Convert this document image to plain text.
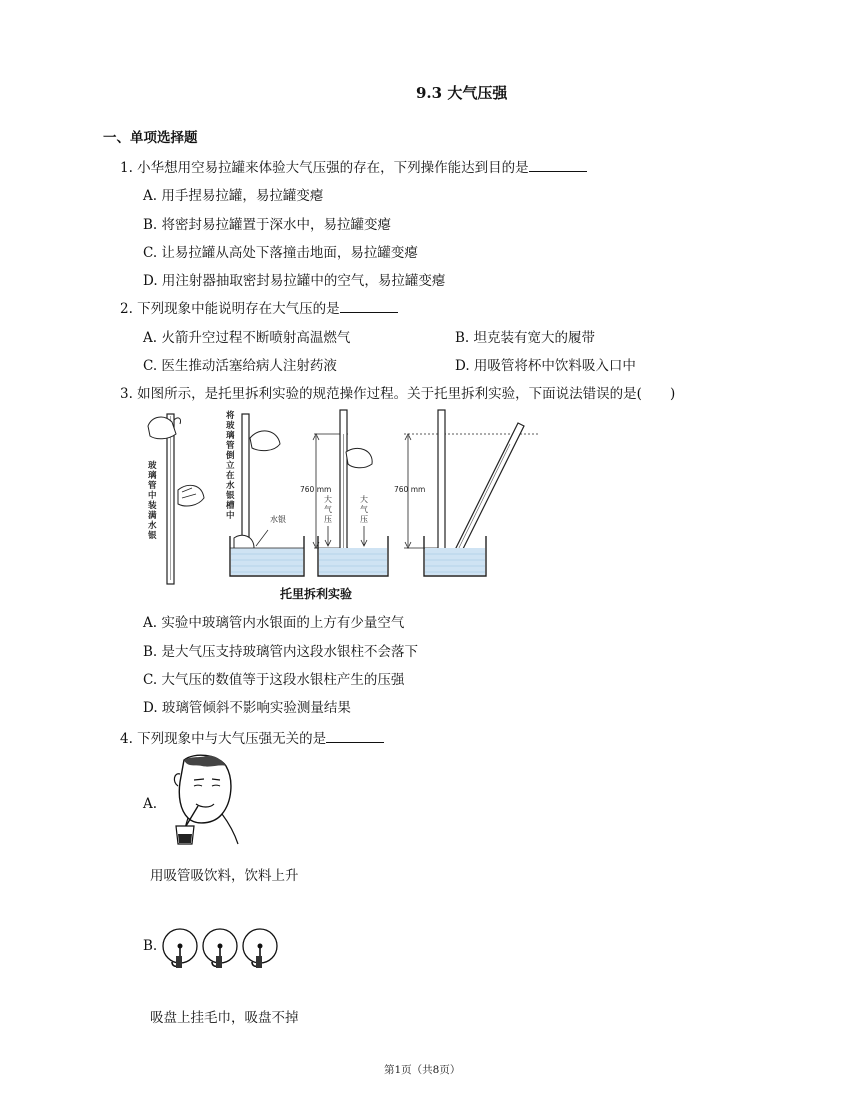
9.3 大气压强
一、单项选择题
1. 小华想用空易拉罐来体验大气压强的存在，下列操作能达到目的是
A. 用手捏易拉罐，易拉罐变瘪
B. 将密封易拉罐置于深水中，易拉罐变瘪
C. 让易拉罐从高处下落撞击地面，易拉罐变瘪
D. 用注射器抽取密封易拉罐中的空气，易拉罐变瘪
2. 下列现象中能说明存在大气压的是
A. 火箭升空过程不断喷射高温燃气	B. 坦克装有宽大的履带
C. 医生推动活塞给病人注射药液	D. 用吸管将杯中饮料吸入口中
3. 如图所示，是托里拆利实验的规范操作过程。关于托里拆利实验，下面说法错误的是( )
玻璃管中 装满水银
将玻璃管 倒立在水 银槽中	水银
760 mm
大气压
大气压
760 mm
托里拆利实验
A. 实验中玻璃管内水银面的上方有少量空气
B. 是大气压支持玻璃管内这段水银柱不会落下
C. 大气压的数值等于这段水银柱产生的压强
D. 玻璃管倾斜不影响实验测量结果
4. 下列现象中与大气压强无关的是
A.
用吸管吸饮料，饮料上升
B.
吸盘上挂毛巾，吸盘不掉
第1页（共8页）
